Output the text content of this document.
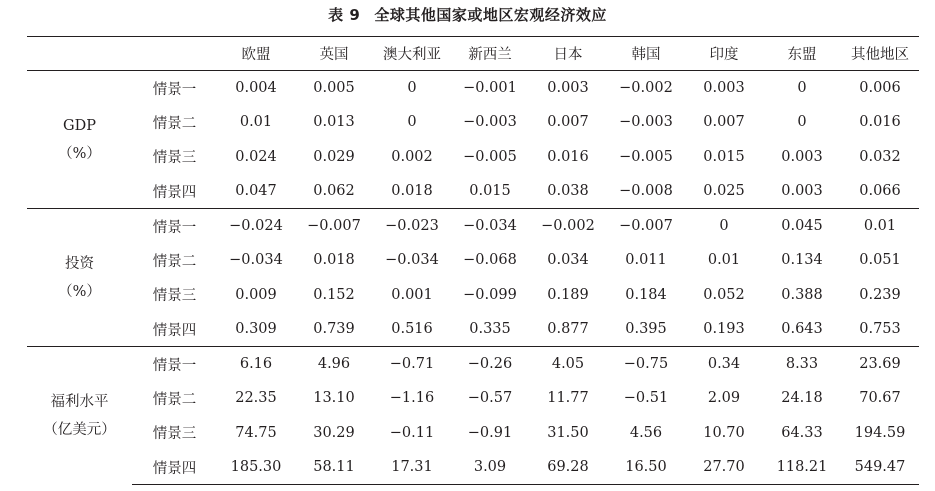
表 9 全球其他国家或地区宏观经济效应
		欧盟	英国	澳大利亚	新西兰	日本	韩国	印度	东盟	其他地区

GDP
（%）	情景一	0.004	0.005	0	−0.001	0.003	−0.002	0.003	0	0.006
	情景二	0.01	0.013	0	−0.003	0.007	−0.003	0.007	0	0.016
	情景三	0.024	0.029	0.002	−0.005	0.016	−0.005	0.015	0.003	0.032
	情景四	0.047	0.062	0.018	0.015	0.038	−0.008	0.025	0.003	0.066

投资
（%）	情景一	−0.024	−0.007	−0.023	−0.034	−0.002	−0.007	0	0.045	0.01
	情景二	−0.034	0.018	−0.034	−0.068	0.034	0.011	0.01	0.134	0.051
	情景三	0.009	0.152	0.001	−0.099	0.189	0.184	0.052	0.388	0.239
	情景四	0.309	0.739	0.516	0.335	0.877	0.395	0.193	0.643	0.753

福利水平
（亿美元）	情景一	6.16	4.96	−0.71	−0.26	4.05	−0.75	0.34	8.33	23.69
	情景二	22.35	13.10	−1.16	−0.57	11.77	−0.51	2.09	24.18	70.67
	情景三	74.75	30.29	−0.11	−0.91	31.50	4.56	10.70	64.33	194.59
	情景四	185.30	58.11	17.31	3.09	69.28	16.50	27.70	118.21	549.47
